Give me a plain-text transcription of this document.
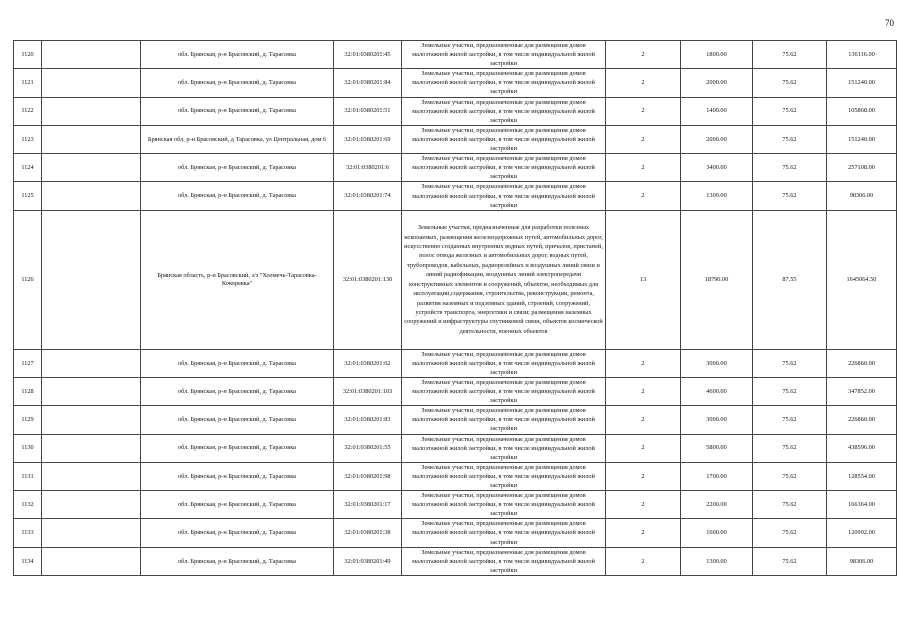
70
1120		обл. Брянская, р-н Брасовский, д. Тарасовка	32:01:0380201:45	Земельные участки, предназначенные для размещения домов малоэтажной жилой застройки, в том числе индивидуальной жилой застройки	2	1800.00	75.62	136116.00
1121		обл. Брянская, р-н Брасовский, д. Тарасовка	32:01:0380201:84	Земельные участки, предназначенные для размещения домов малоэтажной жилой застройки, в том числе индивидуальной жилой застройки	2	2000.00	75.62	151240.00
1122		обл. Брянская, р-н Брасовский, д. Тарасовка	32:01:0380201:51	Земельные участки, предназначенные для размещения домов малоэтажной жилой застройки, в том числе индивидуальной жилой застройки	2	1400.00	75.62	105868.00
1123		Брянская обл, р-н Брасовский, д Тарасовка, ул Центральная, дом 6	32:01:0380201:69	Земельные участки, предназначенные для размещения домов малоэтажной жилой застройки, в том числе индивидуальной жилой застройки	2	2000.00	75.62	151240.00
1124		обл. Брянская, р-н Брасовский, д. Тарасовка	32:01:0380201:6	Земельные участки, предназначенные для размещения домов малоэтажной жилой застройки, в том числе индивидуальной жилой застройки	2	3400.00	75.62	257108.00
1125		обл. Брянская, р-н Брасовский, д. Тарасовка	32:01:0380201:74	Земельные участки, предназначенные для размещения домов малоэтажной жилой застройки, в том числе индивидуальной жилой застройки	2	1300.00	75.62	98306.00
1126		Брянская область, р-н Брасовский, з/з "Холмечь-Тарасовка-Кокоревка"	32:01:0380201:130	Земельные участки, предназначенные для разработки полезных ископаемых, размещения железнодорожных путей, автомобильных дорог, искусственно созданных внутренних водных путей, причалов, пристаней, полос отвода железных и автомобильных дорог, водных путей, трубопроводов, кабельных, радиорелейных и воздушных линий связи и линий радиофикации, воздушных линий электропередачи конструктивных элементов и сооружений, объектов, необходимых для эксплуатации,содержания, строительства, реконструкции, ремонта, развития наземных и подземных зданий, строений, сооружений, устройств транспорта, энергетики и связи; размещения наземных сооружений и инфраструктуры спутниковой связи, объектов космической деятельности, военных объектов	13	18790.00	87.55	1645064.50
1127		обл. Брянская, р-н Брасовский, д. Тарасовка	32:01:0380201:62	Земельные участки, предназначенные для размещения домов малоэтажной жилой застройки, в том числе индивидуальной жилой застройки	2	3000.00	75.62	226860.00
1128		обл. Брянская, р-н Брасовский, д. Тарасовка	32:01:0380201:103	Земельные участки, предназначенные для размещения домов малоэтажной жилой застройки, в том числе индивидуальной жилой застройки	2	4600.00	75.62	347852.00
1129		обл. Брянская, р-н Брасовский, д. Тарасовка	32:01:0380201:83	Земельные участки, предназначенные для размещения домов малоэтажной жилой застройки, в том числе индивидуальной жилой застройки	2	3000.00	75.62	226860.00
1130		обл. Брянская, р-н Брасовский, д. Тарасовка	32:01:0380201:55	Земельные участки, предназначенные для размещения домов малоэтажной жилой застройки, в том числе индивидуальной жилой застройки	2	5800.00	75.62	438596.00
1131		обл. Брянская, р-н Брасовский, д. Тарасовка	32:01:0380201:98	Земельные участки, предназначенные для размещения домов малоэтажной жилой застройки, в том числе индивидуальной жилой застройки	2	1700.00	75.62	128554.00
1132		обл. Брянская, р-н Брасовский, д. Тарасовка	32:01:0380201:17	Земельные участки, предназначенные для размещения домов малоэтажной жилой застройки, в том числе индивидуальной жилой застройки	2	2200.00	75.62	166364.00
1133		обл. Брянская, р-н Брасовский, д. Тарасовка	32:01:0380201:38	Земельные участки, предназначенные для размещения домов малоэтажной жилой застройки, в том числе индивидуальной жилой застройки	2	1600.00	75.62	120992.00
1134		обл. Брянская, р-н Брасовский, д. Тарасовка	32:01:0380201:49	Земельные участки, предназначенные для размещения домов малоэтажной жилой застройки, в том числе индивидуальной жилой застройки	2	1300.00	75.62	98306.00
